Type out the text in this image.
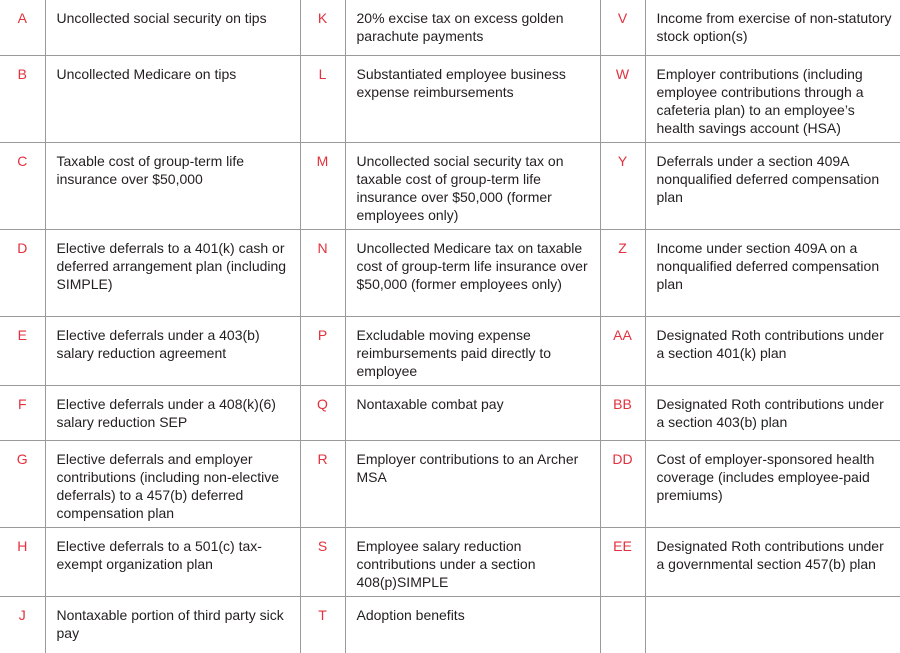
A	Uncollected social security on tips	K	20% excise tax on excess golden parachute payments	V	Income from exercise of non-statutory stock option(s)
B	Uncollected Medicare on tips	L	Substantiated employee business expense reimbursements	W	Employer contributions (including employee contributions through a cafeteria plan) to an employee’s health savings account (HSA)
C	Taxable cost of group-term life insurance over $50,000	M	Uncollected social security tax on taxable cost of group-term life insurance over $50,000 (former employees only)	Y	Deferrals under a section 409A nonqualified deferred compensation plan
D	Elective deferrals to a 401(k) cash or deferred arrangement plan (including SIMPLE)	N	Uncollected Medicare tax on taxable cost of group-term life insurance over $50,000 (former employees only)	Z	Income under section 409A on a nonqualified deferred compensation plan
E	Elective deferrals under a 403(b) salary reduction agreement	P	Excludable moving expense reimbursements paid directly to employee	AA	Designated Roth contributions under a section 401(k) plan
F	Elective deferrals under a 408(k)(6) salary reduction SEP	Q	Nontaxable combat pay	BB	Designated Roth contributions under a section 403(b) plan
G	Elective deferrals and employer contributions (including non-elective deferrals) to a 457(b) deferred compensation plan	R	Employer contributions to an Archer MSA	DD	Cost of employer-sponsored health coverage (includes employee-paid premiums)
H	Elective deferrals to a 501(c) tax-exempt organization plan	S	Employee salary reduction contributions under a section 408(p)SIMPLE	EE	Designated Roth contributions under a governmental section 457(b) plan
J	Nontaxable portion of third party sick pay	T	Adoption benefits		
